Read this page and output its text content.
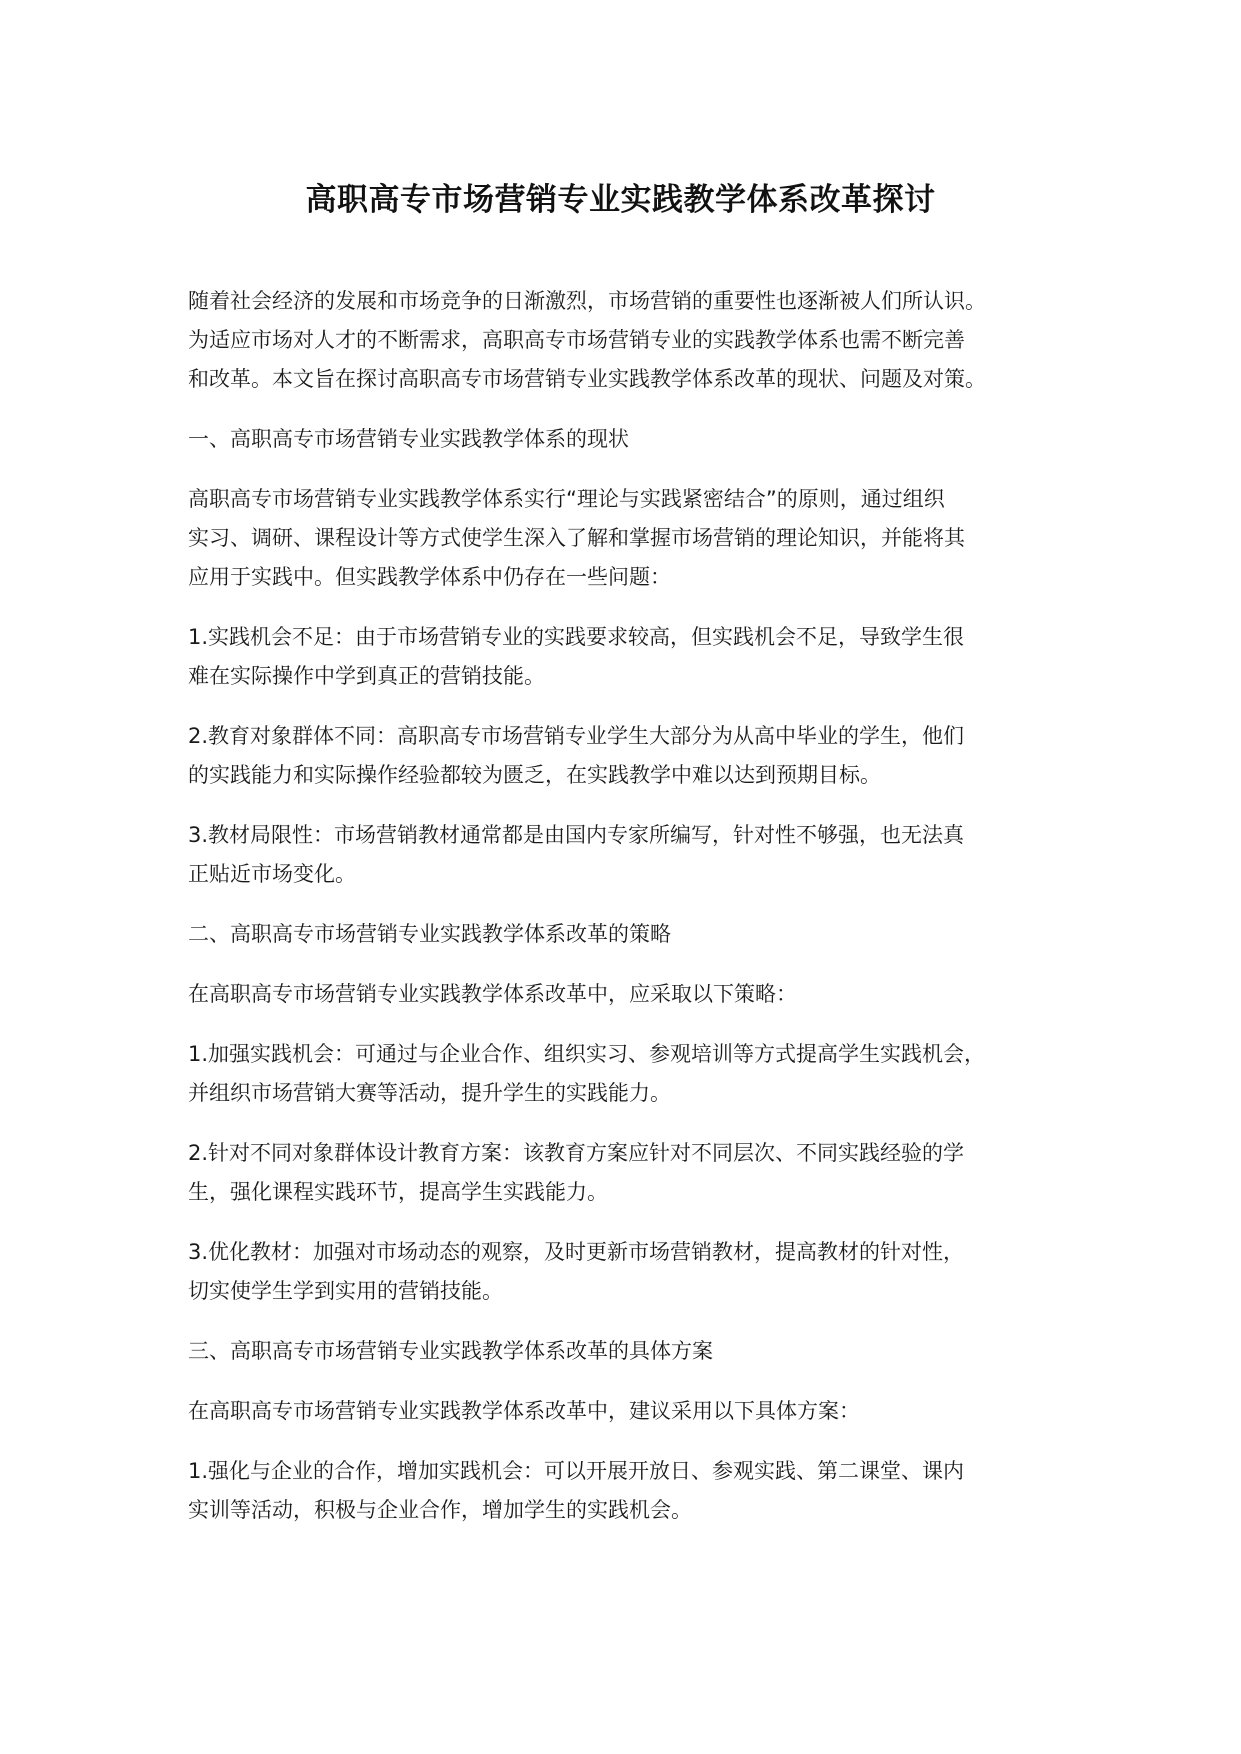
高职高专市场营销专业实践教学体系改革探讨

随着社会经济的发展和市场竞争的日渐激烈，市场营销的重要性也逐渐被人们所认识。
为适应市场对人才的不断需求，高职高专市场营销专业的实践教学体系也需不断完善
和改革。本文旨在探讨高职高专市场营销专业实践教学体系改革的现状、问题及对策。

一、高职高专市场营销专业实践教学体系的现状

高职高专市场营销专业实践教学体系实行“理论与实践紧密结合”的原则，通过组织
实习、调研、课程设计等方式使学生深入了解和掌握市场营销的理论知识，并能将其
应用于实践中。但实践教学体系中仍存在一些问题：

1.实践机会不足：由于市场营销专业的实践要求较高，但实践机会不足，导致学生很
难在实际操作中学到真正的营销技能。

2.教育对象群体不同：高职高专市场营销专业学生大部分为从高中毕业的学生，他们
的实践能力和实际操作经验都较为匮乏，在实践教学中难以达到预期目标。

3.教材局限性：市场营销教材通常都是由国内专家所编写，针对性不够强，也无法真
正贴近市场变化。

二、高职高专市场营销专业实践教学体系改革的策略

在高职高专市场营销专业实践教学体系改革中，应采取以下策略：

1.加强实践机会：可通过与企业合作、组织实习、参观培训等方式提高学生实践机会，
并组织市场营销大赛等活动，提升学生的实践能力。

2.针对不同对象群体设计教育方案：该教育方案应针对不同层次、不同实践经验的学
生，强化课程实践环节，提高学生实践能力。

3.优化教材：加强对市场动态的观察，及时更新市场营销教材，提高教材的针对性，
切实使学生学到实用的营销技能。

三、高职高专市场营销专业实践教学体系改革的具体方案

在高职高专市场营销专业实践教学体系改革中，建议采用以下具体方案：

1.强化与企业的合作，增加实践机会：可以开展开放日、参观实践、第二课堂、课内
实训等活动，积极与企业合作，增加学生的实践机会。
